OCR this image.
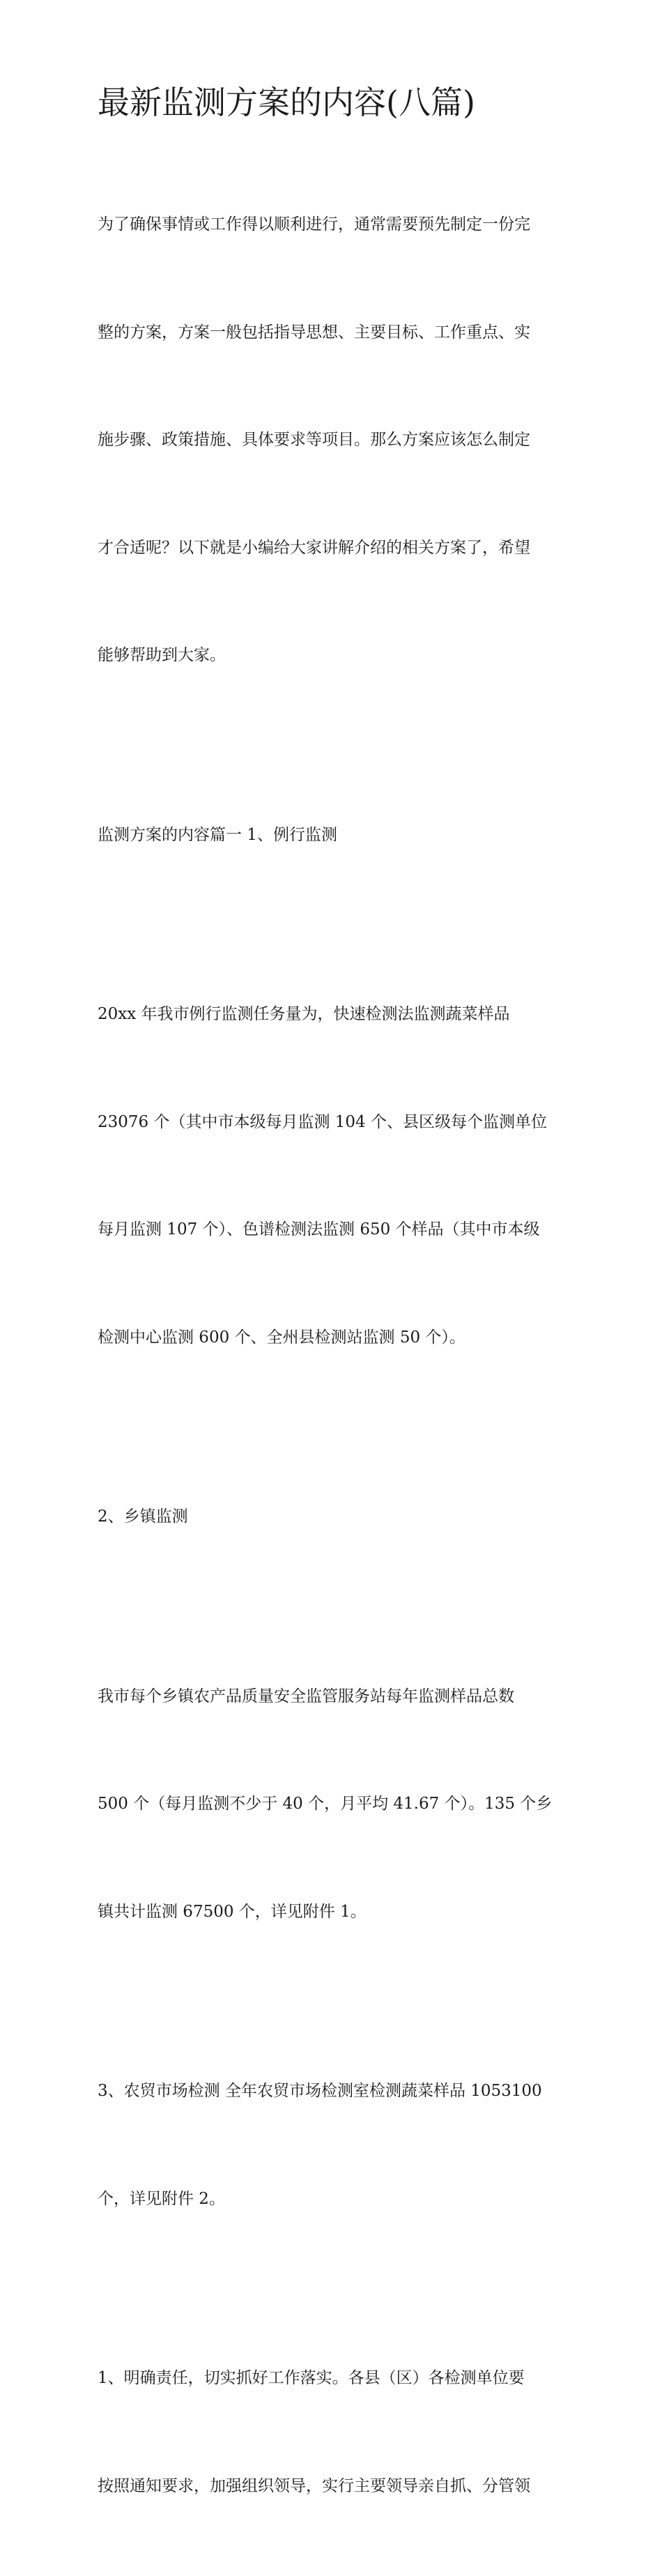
最新监测方案的内容(八篇)

为了确保事情或工作得以顺利进行，通常需要预先制定一份完

整的方案，方案一般包括指导思想、主要目标、工作重点、实

施步骤、政策措施、具体要求等项目。那么方案应该怎么制定

才合适呢？以下就是小编给大家讲解介绍的相关方案了，希望

能够帮助到大家。

监测方案的内容篇一 1、例行监测

20xx 年我市例行监测任务量为，快速检测法监测蔬菜样品

23076 个（其中市本级每月监测 104 个、县区级每个监测单位

每月监测 107 个）、色谱检测法监测 650 个样品（其中市本级

检测中心监测 600 个、全州县检测站监测 50 个）。

2、乡镇监测

我市每个乡镇农产品质量安全监管服务站每年监测样品总数

500 个（每月监测不少于 40 个，月平均 41.67 个）。135 个乡

镇共计监测 67500 个，详见附件 1。

3、农贸市场检测 全年农贸市场检测室检测蔬菜样品 1053100

个，详见附件 2。

1、明确责任，切实抓好工作落实。各县（区）各检测单位要

按照通知要求，加强组织领导，实行主要领导亲自抓、分管领
